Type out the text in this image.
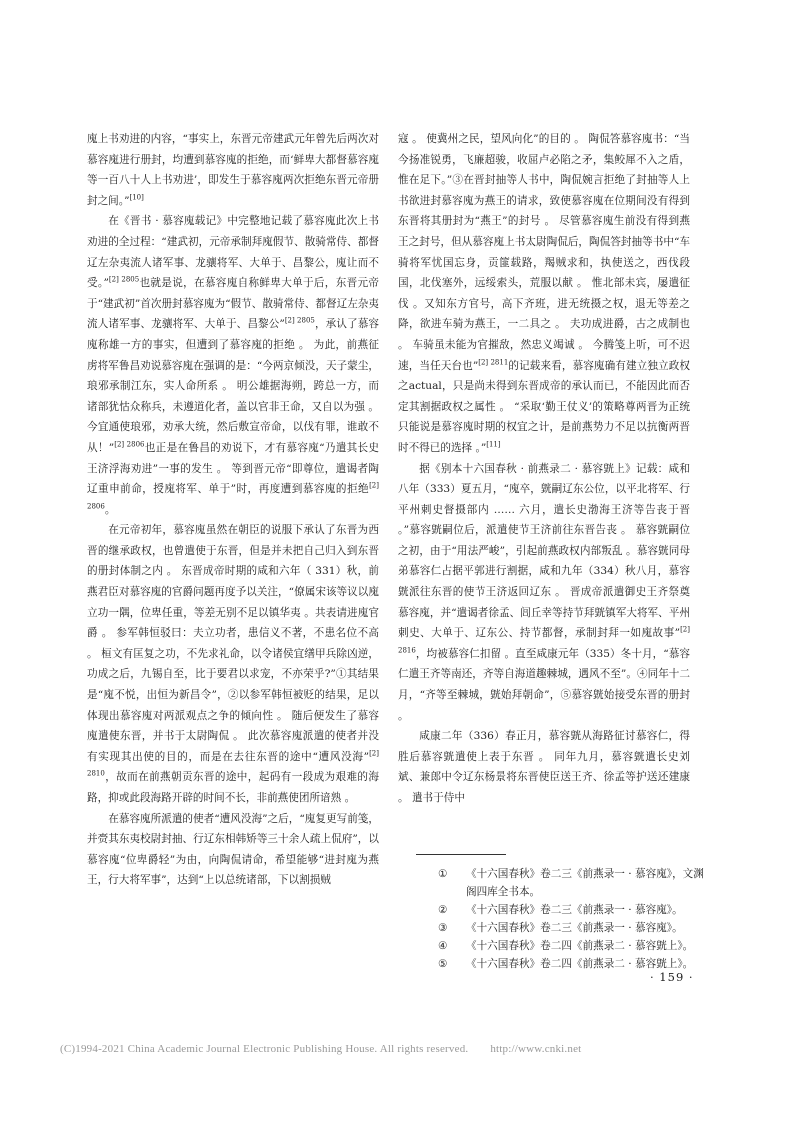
廆上书劝进的内容，“事实上，东晋元帝建武元年曾先后两次对慕容廆进行册封，均遭到慕容廆的拒绝，而‘鲜卑大都督慕容廆等一百八十人上书劝进’，即发生于慕容廆两次拒绝东晋元帝册封之间。”[10]

在《晋书 · 慕容廆载记》中完整地记载了慕容廆此次上书劝进的全过程：“建武初，元帝承制拜廆假节、散骑常侍、都督辽左杂夷流人诸军事、龙骧将军、大单于、昌黎公，廆让而不受。”$^{[2] 2805}$也就是说，在慕容廆自称鲜卑大单于后，东晋元帝于“建武初”首次册封慕容廆为“假节、散骑常侍、都督辽左杂夷流人诸军事、龙骧将军、大单于、昌黎公”$^{[2] 2805}$，承认了慕容廆称雄一方的事实，但遭到了慕容廆的拒绝 。 为此，前燕征虏将军鲁昌劝说慕容廆在强调的是：“今两京倾没，天子蒙尘，琅邪承制江东，实人命所系 。 明公雄据海朔，跨总一方，而诸部犹怙众称兵，未遵道化者，盖以官非王命，又自以为强 。 今宜通使琅邪，劝承大统，然后敷宣帝命，以伐有罪，谁敢不从！”$^{[2] 2806}$也正是在鲁昌的劝说下，才有慕容廆“乃遣其长史王济浮海劝进”一事的发生 。 等到晋元帝“即尊位，遣谒者陶辽重申前命，授廆将军、单于”时，再度遭到慕容廆的拒绝$^{[2] 2806}$。

在元帝初年，慕容廆虽然在朝臣的说服下承认了东晋为西晋的继承政权，也曾遣使于东晋，但是并未把自己归入到东晋的册封体制之内 。 东晋成帝时期的咸和六年（ 331）秋，前燕君臣对慕容廆的官爵问题再度予以关注，“僚属宋该等议以廆立功一隅，位卑任重，等差无别不足以镇华夷 。共表请进廆官爵 。 参军韩恒驳曰：夫立功者，患信义不著，不患名位不高 。 桓文有匡复之功，不先求礼命，以令诸侯宜缮甲兵除凶逆，功成之后，九锡自至，比于要君以求宠，不亦荣乎?”①其结果是“廆不悦，出恒为新昌令”，②以参军韩恒被贬的结果，足以体现出慕容廆对两派观点之争的倾向性 。 随后便发生了慕容廆遣使东晋，并书于太尉陶侃 。 此次慕容廆派遣的使者并没有实现其出使的目的，而是在去往东晋的途中“遭风没海”$^{[2] 2810}$，故而在前燕朝贡东晋的途中，起码有一段成为艰难的海路，抑或此段海路开辟的时间不长，非前燕使团所谙熟 。

在慕容廆所派遣的使者“遭风没海”之后，“廆复更写前笺，并赍其东夷校尉封抽、行辽东相韩矫等三十余人疏上侃府”，以慕容廆“位卑爵轻”为由，向陶侃请命，希望能够“进封廆为燕王，行大将军事”，达到“上以总统诸部，下以割损贼

寇 。 使冀州之民，望风向化”的目的 。 陶侃答慕容廆书：“当今扬准锐勇，飞廉超骏，收屈卢必陷之矛，集鲛犀不入之盾，惟在足下。”③在晋封抽等人书中，陶侃婉言拒绝了封抽等人上书欲进封慕容廆为燕王的请求，致使慕容廆在位期间没有得到东晋将其册封为“燕王”的封号 。 尽管慕容廆生前没有得到燕王之封号，但从慕容廆上书太尉陶侃后，陶侃答封抽等书中“车骑将军忧国忘身，贡篚载路，羯贼求和，执使送之，西伐段国，北伐塞外，远绥索头，荒服以献 。 惟北部未宾，屡遣征伐 。又知东方官号，高下齐班，进无统摄之权，退无等差之降，欲进车骑为燕王，一二具之 。 夫功成进爵，古之成制也 。 车骑虽未能为官摧敌，然忠义竭诚 。 今腾笺上听，可不迟速，当任天台也”$^{[2] 2811}$的记载来看，慕容廆确有建立独立政权之actual，只是尚未得到东晋成帝的承认而已，不能因此而否定其割据政权之属性 。 “采取‘勤王仗义’的策略尊两晋为正统只能说是慕容廆时期的权宜之计，是前燕势力不足以抗衡两晋时不得已的选择 。”[11]

据《别本十六国春秋 · 前燕录二 · 慕容皝上》记载：咸和八年（333）夏五月，“廆卒，皝嗣辽东公位，以平北将军、行平州刺史督摄部内 …… 六月，遣长史渤海王济等告丧于晋 。”慕容皝嗣位后，派遣使节王济前往东晋告丧 。 慕容皝嗣位之初，由于“用法严峻”，引起前燕政权内部叛乱 。慕容皝同母弟慕容仁占据平郭进行割据，咸和九年（334）秋八月，慕容皝派往东晋的使节王济返回辽东 。 晋成帝派遣御史王齐祭奠慕容廆，并“遣谒者徐孟、闾丘幸等持节拜皝镇军大将军、平州刺史、大单于、辽东公、持节都督，承制封拜一如廆故事”$^{[2] 2816}$，均被慕容仁扣留 。直至咸康元年（335）冬十月，“慕容仁遣王齐等南还，齐等自海道趣棘城，遇风不至”。④同年十二月，“齐等至棘城，皝始拜朝命”，⑤慕容皝始接受东晋的册封 。

咸康二年（336）春正月，慕容皝从海路征讨慕容仁，得胜后慕容皝遣使上表于东晋 。 同年九月，慕容皝遣长史刘斌、兼郎中令辽东杨景将东晋使臣送王齐、徐孟等护送还建康 。 遣书于侍中

①	《十六国春秋》卷二三《前燕录一 · 慕容廆》，文渊阁四库全书本。
②	《十六国春秋》卷二三《前燕录一 · 慕容廆》。
③	《十六国春秋》卷二三《前燕录一 · 慕容廆》。
④	《十六国春秋》卷二四《前燕录二 · 慕容皝上》。
⑤	《十六国春秋》卷二四《前燕录二 · 慕容皝上》。
· 159 ·
(C)1994-2021 China Academic Journal Electronic Publishing House. All rights reserved. http://www.cnki.net
